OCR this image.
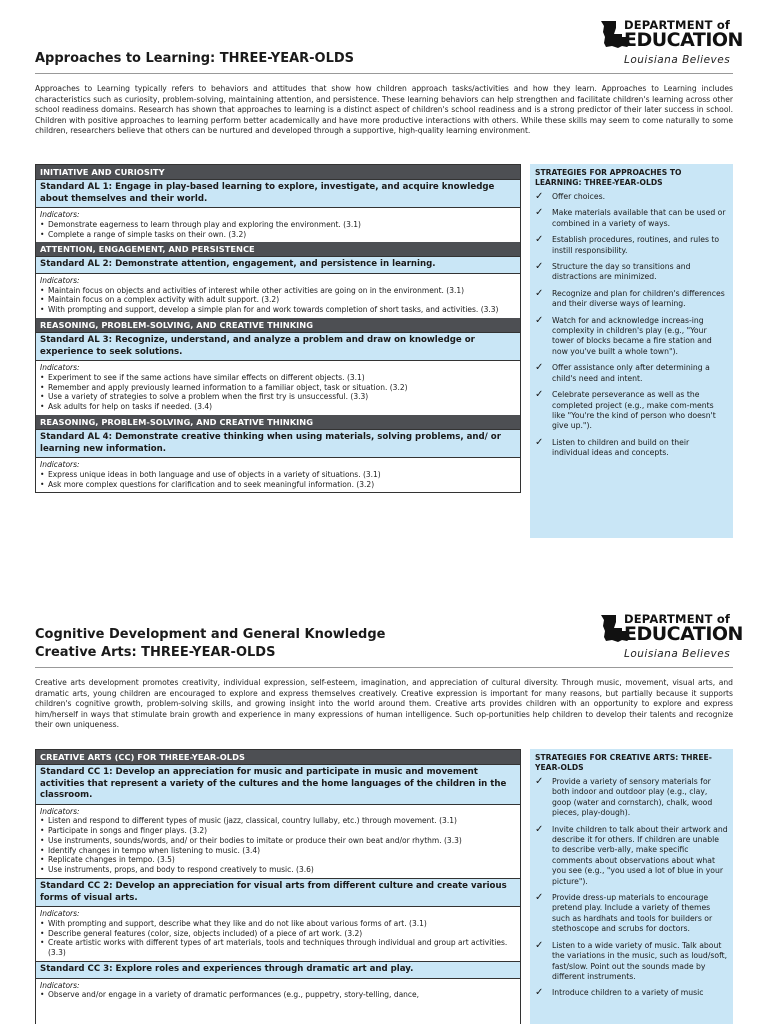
DEPARTMENT of
EDUCATION
Louisiana Believes
Approaches to Learning: THREE-YEAR-OLDS
Approaches to Learning typically refers to behaviors and attitudes that show how children approach tasks/activities and how they learn. Approaches to Learning includes characteristics such as curiosity, problem-solving, maintaining attention, and persistence. These learning behaviors can help strengthen and facilitate children's learning across other school readiness domains. Research has shown that approaches to learning is a distinct aspect of children's school readiness and is a strong predictor of their later success in school. Children with positive approaches to learning perform better academically and have more productive interactions with others. While these skills may seem to come naturally to some children, researchers believe that others can be nurtured and developed through a supportive, high-quality learning environment.
INITIATIVE AND CURIOSITY
Standard AL 1: Engage in play-based learning to explore, investigate, and acquire knowledge about themselves and their world.
Indicators:
• Demonstrate eagerness to learn through play and exploring the environment. (3.1)
• Complete a range of simple tasks on their own. (3.2)
ATTENTION, ENGAGEMENT, AND PERSISTENCE
Standard AL 2: Demonstrate attention, engagement, and persistence in learning.
Indicators:
• Maintain focus on objects and activities of interest while other activities are going on in the environment. (3.1)
• Maintain focus on a complex activity with adult support. (3.2)
• With prompting and support, develop a simple plan for and work towards completion of short tasks, and activities. (3.3)
REASONING, PROBLEM-SOLVING, AND CREATIVE THINKING
Standard AL 3: Recognize, understand, and analyze a problem and draw on knowledge or experience to seek solutions.
Indicators:
• Experiment to see if the same actions have similar effects on different objects. (3.1)
• Remember and apply previously learned information to a familiar object, task or situation. (3.2)
• Use a variety of strategies to solve a problem when the first try is unsuccessful. (3.3)
• Ask adults for help on tasks if needed. (3.4)
REASONING, PROBLEM-SOLVING, AND CREATIVE THINKING
Standard AL 4: Demonstrate creative thinking when using materials, solving problems, and/ or learning new information.
Indicators:
• Express unique ideas in both language and use of objects in a variety of situations. (3.1)
• Ask more complex questions for clarification and to seek meaningful information. (3.2)
STRATEGIES FOR APPROACHES TO LEARNING: THREE-YEAR-OLDS
✓ Offer choices.
✓ Make materials available that can be used or combined in a variety of ways.
✓ Establish procedures, routines, and rules to instill responsibility.
✓ Structure the day so transitions and distractions are minimized.
✓ Recognize and plan for children's differences and their diverse ways of learning.
✓ Watch for and acknowledge increas-ing complexity in children's play (e.g., "Your tower of blocks became a fire station and now you've built a whole town").
✓ Offer assistance only after determining a child's need and intent.
✓ Celebrate perseverance as well as the completed project (e.g., make com-ments like "You're the kind of person who doesn't give up.").
✓ Listen to children and build on their individual ideas and concepts.
DEPARTMENT of
EDUCATION
Louisiana Believes
Cognitive Development and General Knowledge
Creative Arts: THREE-YEAR-OLDS
Creative arts development promotes creativity, individual expression, self-esteem, imagination, and appreciation of cultural diversity. Through music, movement, visual arts, and dramatic arts, young children are encouraged to explore and express themselves creatively. Creative expression is important for many reasons, but partially because it supports children's cognitive growth, problem-solving skills, and growing insight into the world around them. Creative arts provides children with an opportunity to explore and express him/herself in ways that stimulate brain growth and experience in many expressions of human intelligence. Such op-portunities help children to develop their talents and recognize their own uniqueness.
CREATIVE ARTS (CC) FOR THREE-YEAR-OLDS
Standard CC 1: Develop an appreciation for music and participate in music and movement activities that represent a variety of the cultures and the home languages of the children in the classroom.
Indicators:
• Listen and respond to different types of music (jazz, classical, country lullaby, etc.) through movement. (3.1)
• Participate in songs and finger plays. (3.2)
• Use instruments, sounds/words, and/ or their bodies to imitate or produce their own beat and/or rhythm. (3.3)
• Identify changes in tempo when listening to music. (3.4)
• Replicate changes in tempo. (3.5)
• Use instruments, props, and body to respond creatively to music. (3.6)
Standard CC 2: Develop an appreciation for visual arts from different culture and create various forms of visual arts.
Indicators:
• With prompting and support, describe what they like and do not like about various forms of art. (3.1)
• Describe general features (color, size, objects included) of a piece of art work. (3.2)
• Create artistic works with different types of art materials, tools and techniques through individual and group art activities. (3.3)
Standard CC 3: Explore roles and experiences through dramatic art and play.
Indicators:
• Observe and/or engage in a variety of dramatic performances (e.g., puppetry, story-telling, dance,
STRATEGIES FOR CREATIVE ARTS: THREE-YEAR-OLDS
✓ Provide a variety of sensory materials for both indoor and outdoor play (e.g., clay, goop (water and cornstarch), chalk, wood pieces, play-dough).
✓ Invite children to talk about their artwork and describe it for others. If children are unable to describe verb-ally, make specific comments about observations about what you see (e.g., "you used a lot of blue in your picture").
✓ Provide dress-up materials to encourage pretend play. Include a variety of themes such as hardhats and tools for builders or stethoscope and scrubs for doctors.
✓ Listen to a wide variety of music. Talk about the variations in the music, such as loud/soft, fast/slow. Point out the sounds made by different instruments.
✓ Introduce children to a variety of music
